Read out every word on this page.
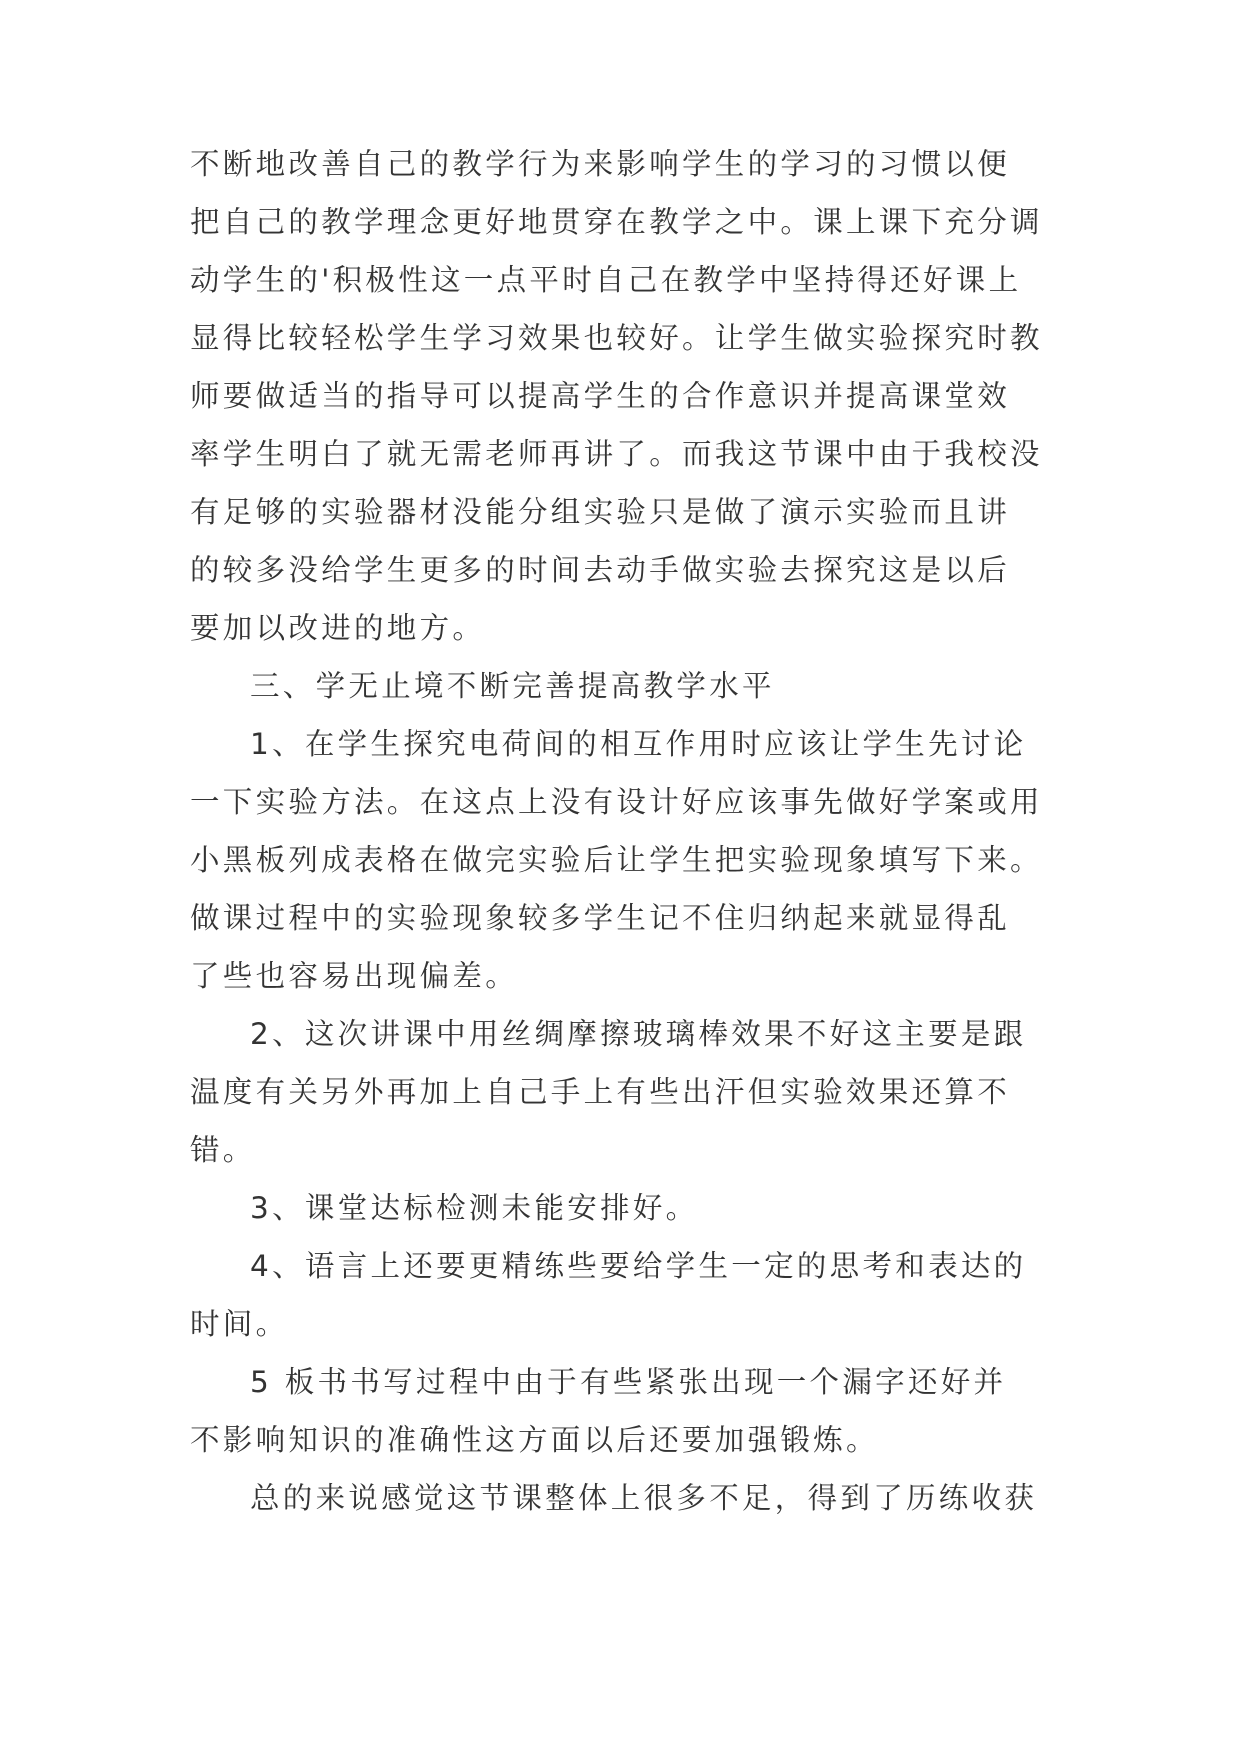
不断地改善自己的教学行为来影响学生的学习的习惯以便
把自己的教学理念更好地贯穿在教学之中。课上课下充分调
动学生的'积极性这一点平时自己在教学中坚持得还好课上
显得比较轻松学生学习效果也较好。让学生做实验探究时教
师要做适当的指导可以提高学生的合作意识并提高课堂效
率学生明白了就无需老师再讲了。而我这节课中由于我校没
有足够的实验器材没能分组实验只是做了演示实验而且讲
的较多没给学生更多的时间去动手做实验去探究这是以后
要加以改进的地方。
三、学无止境不断完善提高教学水平
1、在学生探究电荷间的相互作用时应该让学生先讨论
一下实验方法。在这点上没有设计好应该事先做好学案或用
小黑板列成表格在做完实验后让学生把实验现象填写下来。
做课过程中的实验现象较多学生记不住归纳起来就显得乱
了些也容易出现偏差。
2、这次讲课中用丝绸摩擦玻璃棒效果不好这主要是跟
温度有关另外再加上自己手上有些出汗但实验效果还算不
错。
3、课堂达标检测未能安排好。
4、语言上还要更精练些要给学生一定的思考和表达的
时间。
5 板书书写过程中由于有些紧张出现一个漏字还好并
不影响知识的准确性这方面以后还要加强锻炼。
总的来说感觉这节课整体上很多不足，得到了历练收获
